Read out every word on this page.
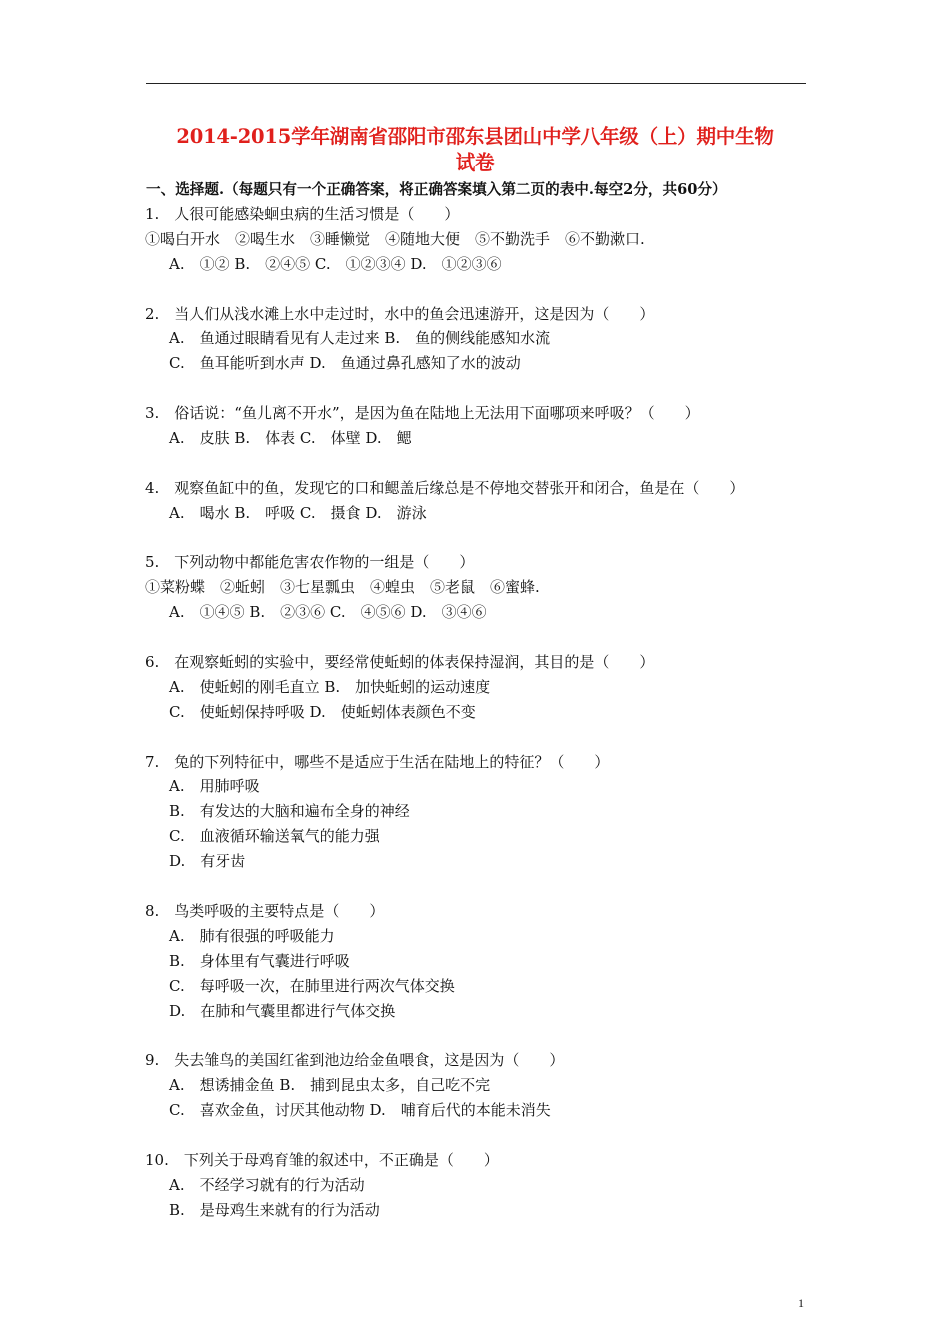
2014-2015学年湖南省邵阳市邵东县团山中学八年级（上）期中生物
试卷
一、选择题.（每题只有一个正确答案，将正确答案填入第二页的表中.每空2分，共60分）
1.　人很可能感染蛔虫病的生活习惯是（　　）
①喝白开水　②喝生水　③睡懒觉　④随地大便　⑤不勤洗手　⑥不勤漱口.
A.　①② B.　②④⑤ C.　①②③④ D.　①②③⑥
2.　当人们从浅水滩上水中走过时，水中的鱼会迅速游开，这是因为（　　）
A.　鱼通过眼睛看见有人走过来 B.　鱼的侧线能感知水流
C.　鱼耳能听到水声 D.　鱼通过鼻孔感知了水的波动
3.　俗话说：“鱼儿离不开水”，是因为鱼在陆地上无法用下面哪项来呼吸？（　　）
A.　皮肤 B.　体表 C.　体壁 D.　鳃
4.　观察鱼缸中的鱼，发现它的口和鳃盖后缘总是不停地交替张开和闭合，鱼是在（　　）
A.　喝水 B.　呼吸 C.　摄食 D.　游泳
5.　下列动物中都能危害农作物的一组是（　　）
①菜粉蝶　②蚯蚓　③七星瓢虫　④蝗虫　⑤老鼠　⑥蜜蜂.
A.　①④⑤ B.　②③⑥ C.　④⑤⑥ D.　③④⑥
6.　在观察蚯蚓的实验中，要经常使蚯蚓的体表保持湿润，其目的是（　　）
A.　使蚯蚓的刚毛直立 B.　加快蚯蚓的运动速度
C.　使蚯蚓保持呼吸 D.　使蚯蚓体表颜色不变
7.　兔的下列特征中，哪些不是适应于生活在陆地上的特征？（　　）
A.　用肺呼吸
B.　有发达的大脑和遍布全身的神经
C.　血液循环输送氧气的能力强
D.　有牙齿
8.　鸟类呼吸的主要特点是（　　）
A.　肺有很强的呼吸能力
B.　身体里有气囊进行呼吸
C.　每呼吸一次，在肺里进行两次气体交换
D.　在肺和气囊里都进行气体交换
9.　失去雏鸟的美国红雀到池边给金鱼喂食，这是因为（　　）
A.　想诱捕金鱼 B.　捕到昆虫太多，自己吃不完
C.　喜欢金鱼，讨厌其他动物 D.　哺育后代的本能未消失
10.　下列关于母鸡育雏的叙述中，不正确是（　　）
A.　不经学习就有的行为活动
B.　是母鸡生来就有的行为活动
1
